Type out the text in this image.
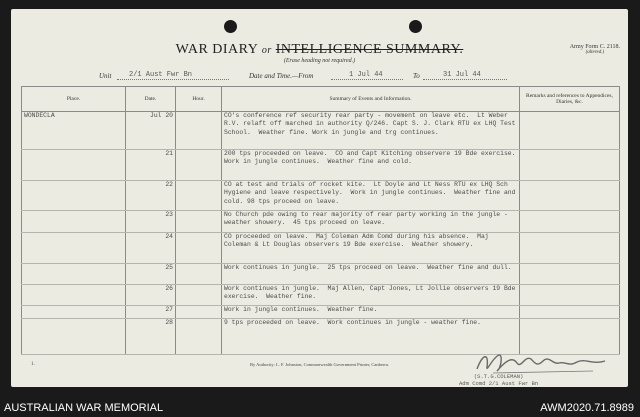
WAR DIARY or INTELLIGENCE SUMMARY.
(Erase heading not required.)
Army Form C. 2118.
(altered.)
Unit	2/1 Aust Fwr Bn	Date and Time.—From	1 Jul 44	To	31 Jul 44
Place.	Date.	Hour.	Summary of Events and Information.	Remarks and references to Appendices, Diaries, &c.
WONDECLA	Jul 20		CO's conference ref security rear party - movement on leave etc.  Lt Weber R.V. relaft off marched in authority Q/246. Capt S. J. Clark RTU ex LHQ Test School.  Weather fine. Work in jungle and trg continues.	
	21		200 tps proceeded on leave.  CO and Capt Kitching observere 19 Bde exercise.  Work in jungle continues.  Weather fine and cold.	
	22		CO at test and trials of rocket kite.  Lt Doyle and Lt Ness RTU ex LHQ Sch Hygiene and leave respectively.  Work in jungle continues.  Weather fine and cold. 98 tps proceed on leave.	
	23		No Church pde owing to rear majority of rear party working in the jungle - weather showery.  45 tps proceed on leave.	
	24		CO proceeded on leave.  Maj Coleman Adm Comd during his absence.  Maj Coleman & Lt Douglas observers 19 Bde exercise.  Weather showery.	
	25		Work continues in jungle.  25 tps proceed on leave.  Weather fine and dull.	
	26		Work continues in jungle.  Maj Allen, Capt Jones, Lt Jollie observers 19 Bde exercise.  Weather fine.	
	27		Work in jungle continues.  Weather fine.	
	28		9 tps proceeded on leave.  Work continues in jungle - weather fine.	
1.	By Authority: L. F. Johnston, Commonwealth Government Printer, Canberra.
(S.T.G.COLEMAN)
Adm Comd 2/1 Aust Fwr Bn
AUSTRALIAN WAR MEMORIAL	AWM2020.71.8989
